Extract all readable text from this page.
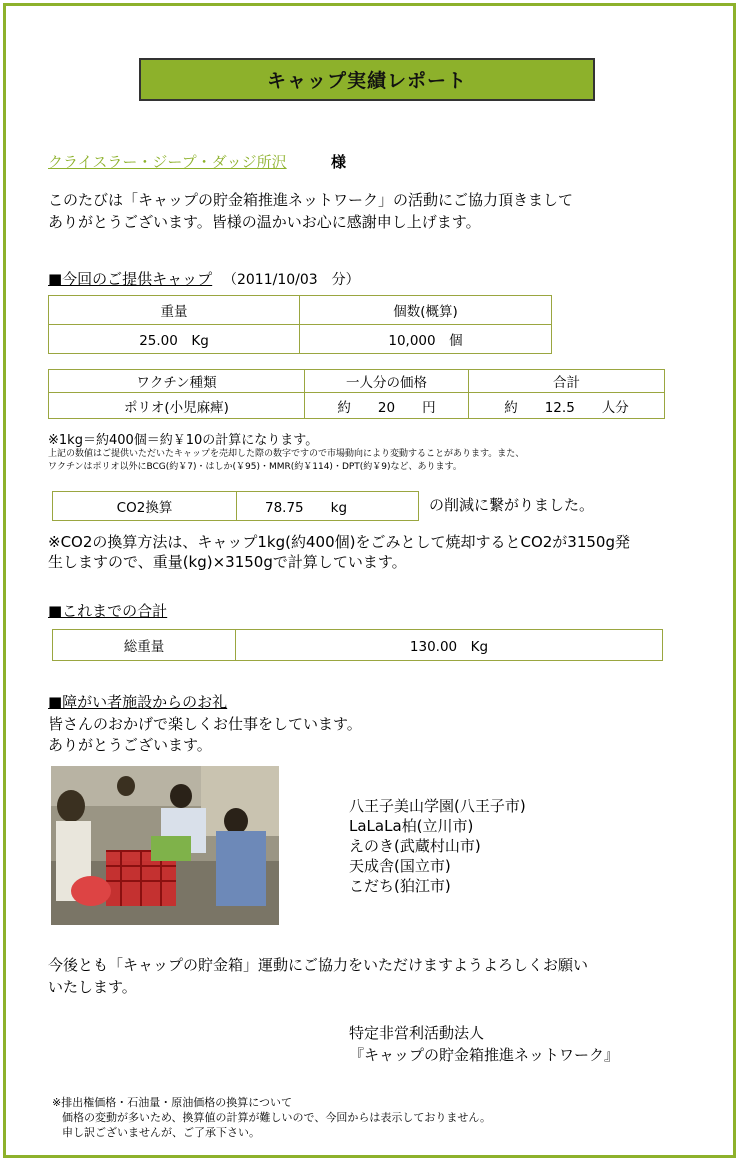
キャップ実績レポート
クライスラー・ジープ・ダッジ所沢	様
このたびは「キャップの貯金箱推進ネットワーク」の活動にご協力頂きまして
ありがとうございます。皆様の温かいお心に感謝申し上げます。
■今回のご提供キャップ （2011/10/03　分）
重量	個数(概算)
25.00　Kg	10,000　個
ワクチン種類	一人分の価格	合計
ポリオ(小児麻痺)	約　　20　　円	約　　12.5　　人分
※1kg＝約400個＝約￥10の計算になります。
上記の数値はご提供いただいたキャップを売却した際の数字ですので市場動向により変動することがあります。また、
ワクチンはポリオ以外にBCG(約￥7)・はしか(￥95)・MMR(約￥114)・DPT(約￥9)など、あります。
CO2換算	78.75　　kg	の削減に繋がりました。
※CO2の換算方法は、キャップ1kg(約400個)をごみとして焼却するとCO2が3150g発
生しますので、重量(kg)×3150gで計算しています。
■これまでの合計
総重量	130.00　Kg
■障がい者施設からのお礼
皆さんのおかげで楽しくお仕事をしています。
ありがとうございます。
八王子美山学園(八王子市)
LaLaLa柏(立川市)
えのき(武蔵村山市)
天成舎(国立市)
こだち(狛江市)
今後とも「キャップの貯金箱」運動にご協力をいただけますようよろしくお願い
いたします。
特定非営利活動法人
『キャップの貯金箱推進ネットワーク』
※排出権価格・石油量・原油価格の換算について
価格の変動が多いため、換算値の計算が難しいので、今回からは表示しておりません。
申し訳ございませんが、ご了承下さい。
